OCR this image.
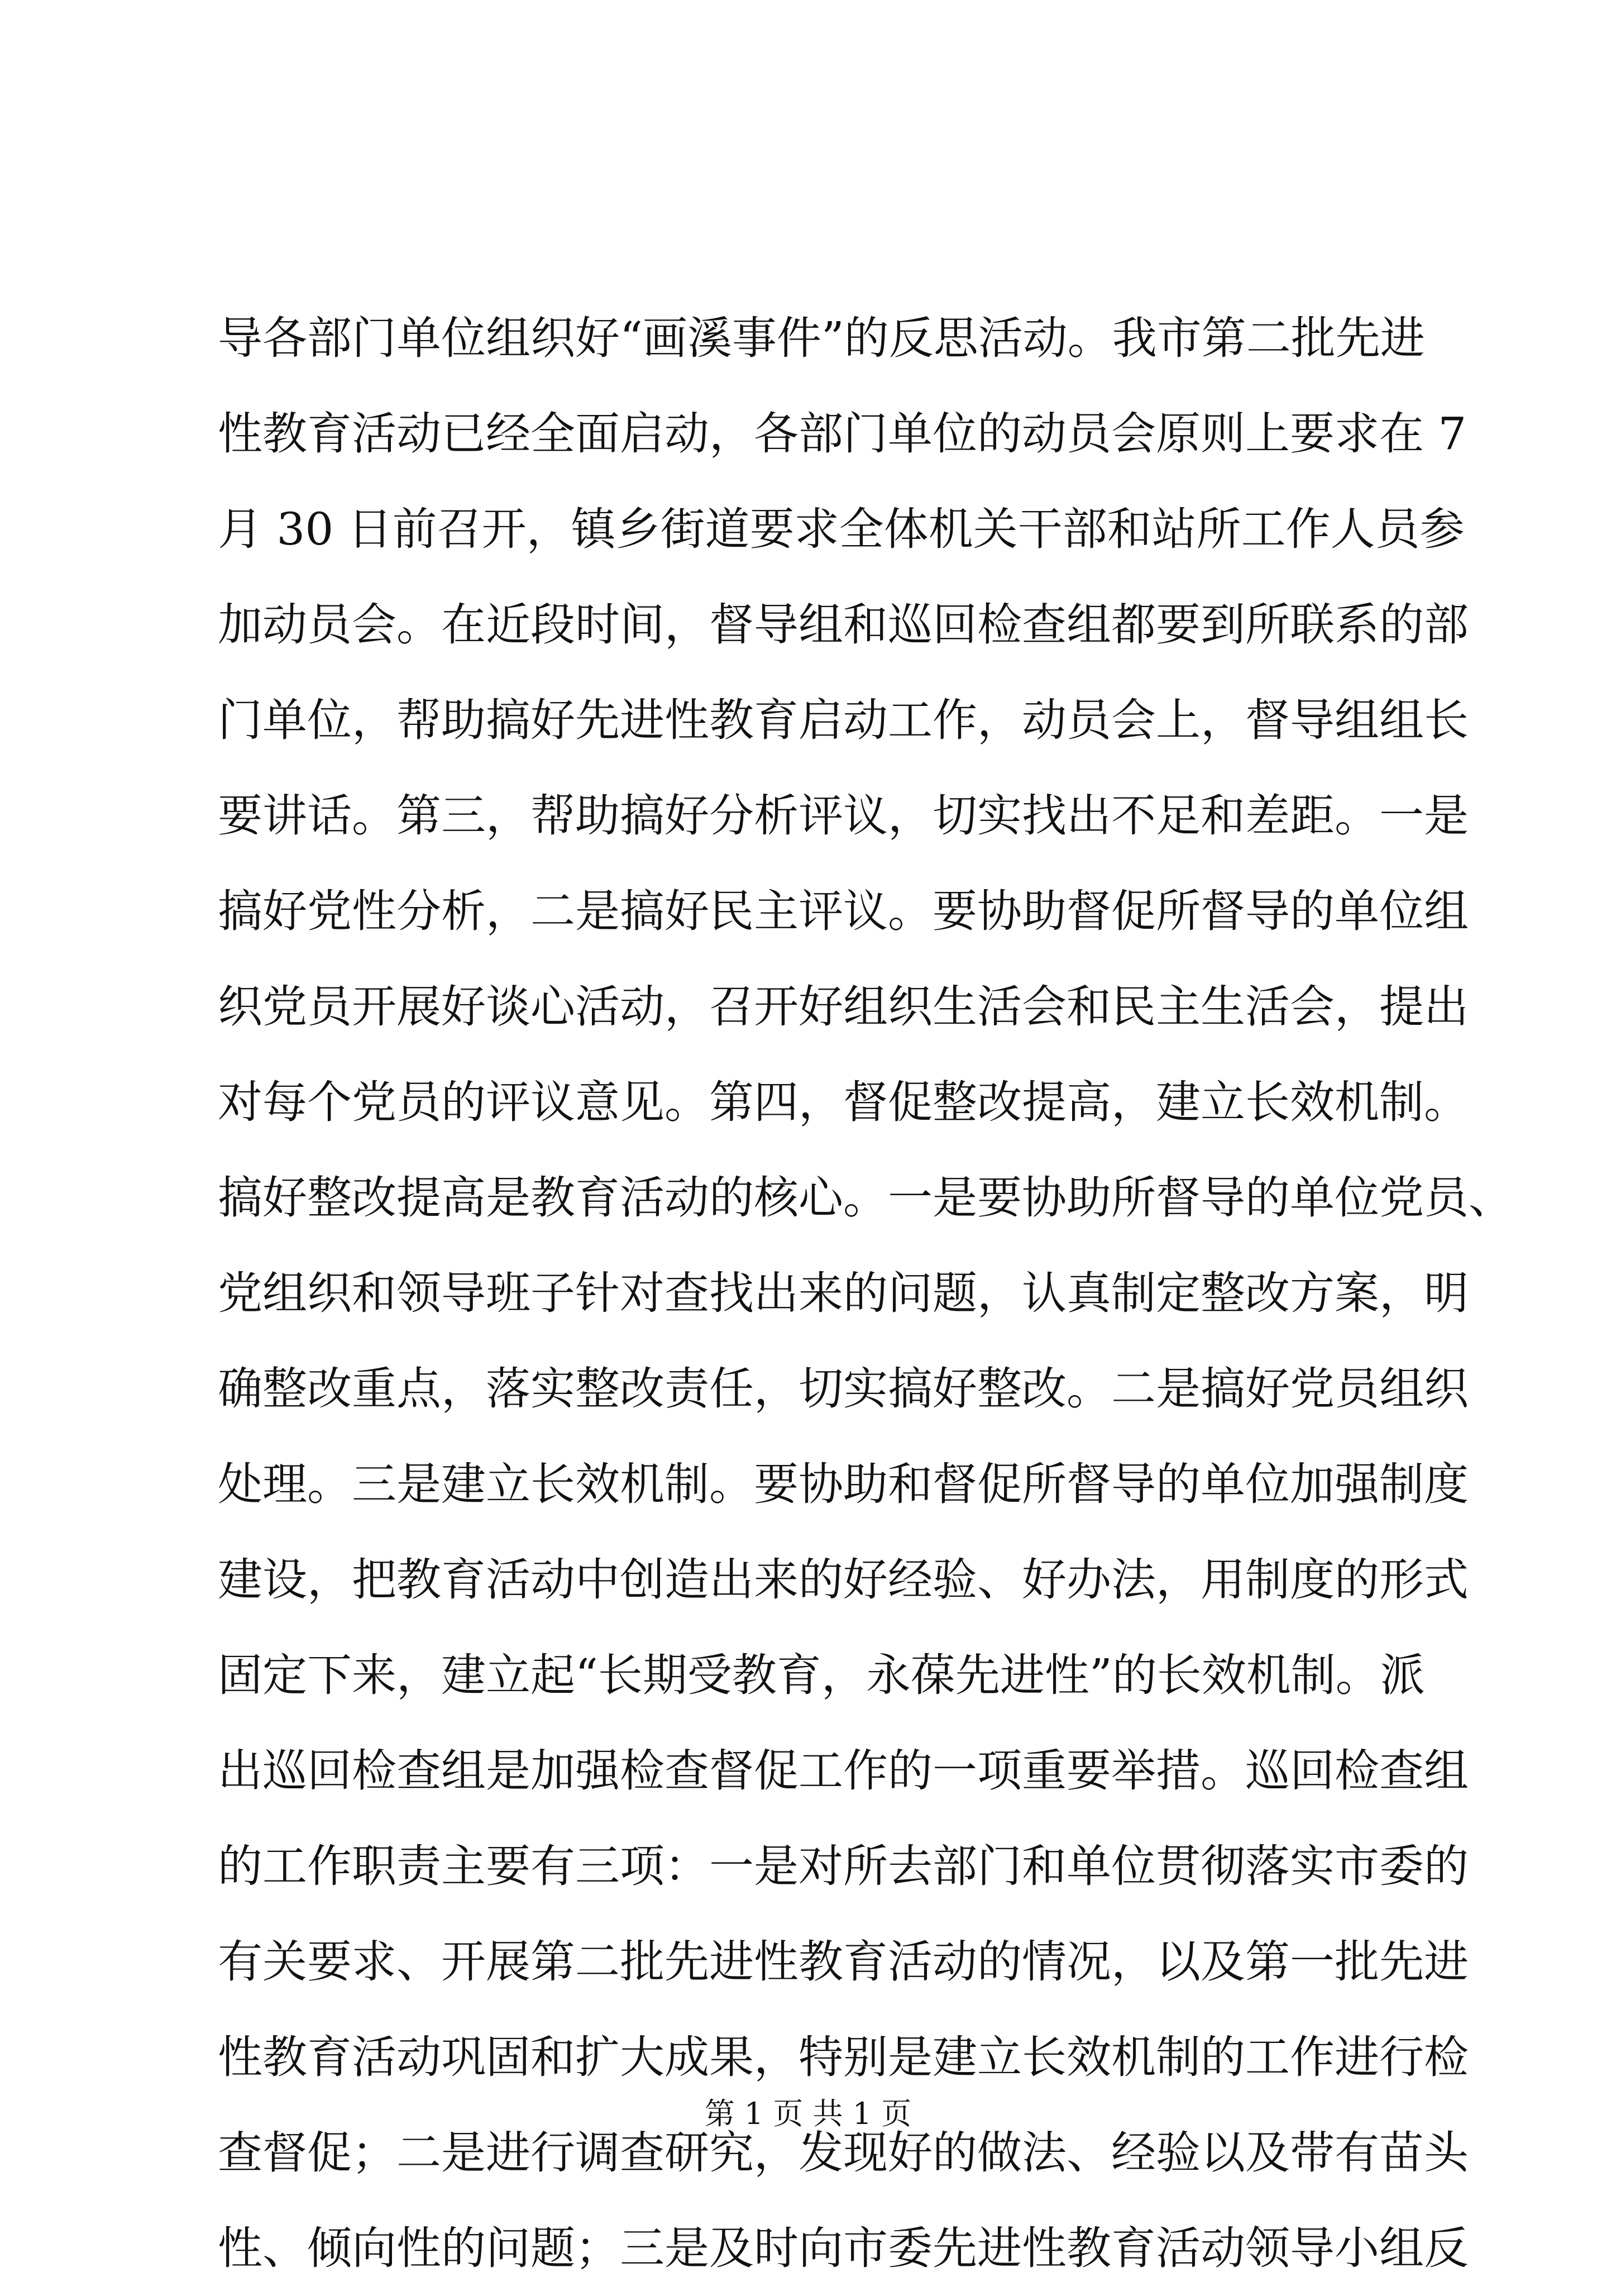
导各部门单位组织好“画溪事件”的反思活动。我市第二批先进
性教育活动已经全面启动，各部门单位的动员会原则上要求在 7
月 30 日前召开，镇乡街道要求全体机关干部和站所工作人员参
加动员会。在近段时间，督导组和巡回检查组都要到所联系的部
门单位，帮助搞好先进性教育启动工作，动员会上，督导组组长
要讲话。第三，帮助搞好分析评议，切实找出不足和差距。一是
搞好党性分析，二是搞好民主评议。要协助督促所督导的单位组
织党员开展好谈心活动，召开好组织生活会和民主生活会，提出
对每个党员的评议意见。第四，督促整改提高，建立长效机制。
搞好整改提高是教育活动的核心。一是要协助所督导的单位党员、
党组织和领导班子针对查找出来的问题，认真制定整改方案，明
确整改重点，落实整改责任，切实搞好整改。二是搞好党员组织
处理。三是建立长效机制。要协助和督促所督导的单位加强制度
建设，把教育活动中创造出来的好经验、好办法，用制度的形式
固定下来，建立起“长期受教育，永葆先进性”的长效机制。派
出巡回检查组是加强检查督促工作的一项重要举措。巡回检查组
的工作职责主要有三项：一是对所去部门和单位贯彻落实市委的
有关要求、开展第二批先进性教育活动的情况，以及第一批先进
性教育活动巩固和扩大成果，特别是建立长效机制的工作进行检
查督促；二是进行调查研究，发现好的做法、经验以及带有苗头
性、倾向性的问题；三是及时向市委先进性教育活动领导小组反
第 1 页 共 1 页
